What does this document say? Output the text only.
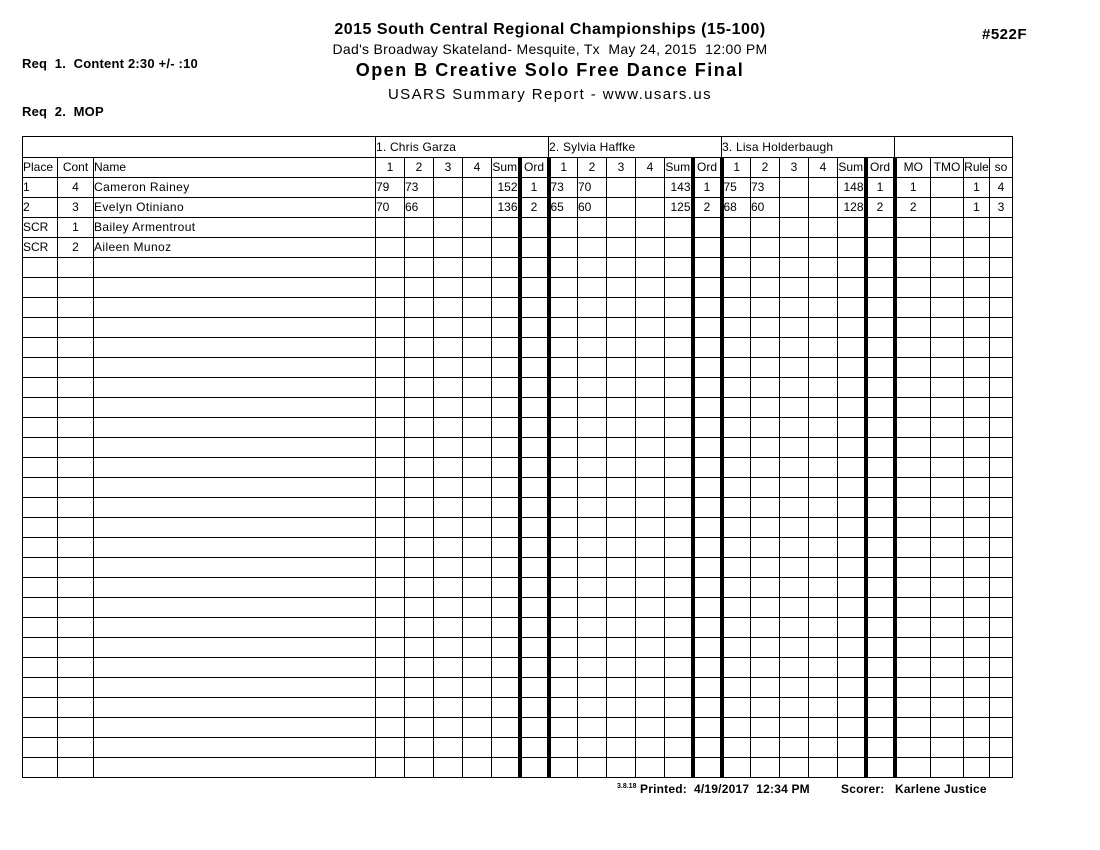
Req  1.  Content 2:30 +/- :10

Req  2.  MOP

2015 South Central Regional Championships (15-100)
Dad's Broadway Skateland- Mesquite, Tx  May 24, 2015  12:00 PM
Open B Creative Solo Free Dance Final
USARS Summary Report - www.usars.us
#522F
			1. Chris Garza						2. Sylvia Haffke						3. Lisa Holderbaugh									
Place	Cont	Name	1	2	3	4	Sum	Ord	1	2	3	4	Sum	Ord	1	2	3	4	Sum	Ord	MO	TMO	Rule	so
1	4	Cameron Rainey	79	73			152	1	73	70			143	1	75	73			148	1	1		1	4
2	3	Evelyn Otiniano	70	66			136	2	65	60			125	2	68	60			128	2	2		1	3
SCR	1	Bailey Armentrout																						
SCR	2	Aileen Munoz																						

3.8.18

Printed:  4/19/2017  12:34 PM

	Scorer:   Karlene Justice
